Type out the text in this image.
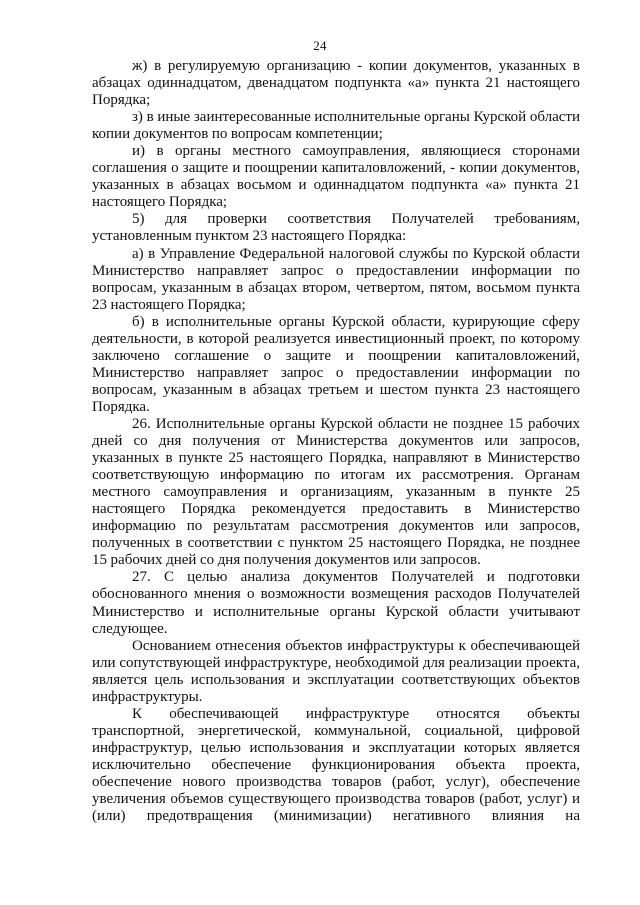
24

ж) в регулируемую организацию - копии документов, указанных в абзацах одиннадцатом, двенадцатом подпункта «а» пункта 21 настоящего Порядка;

з) в иные заинтересованные исполнительные органы Курской области копии документов по вопросам компетенции;

и) в органы местного самоуправления, являющиеся сторонами соглашения о защите и поощрении капиталовложений, - копии документов, указанных в абзацах восьмом и одиннадцатом подпункта «а» пункта 21 настоящего Порядка;

5) для проверки соответствия Получателей требованиям, установленным пунктом 23 настоящего Порядка:

а) в Управление Федеральной налоговой службы по Курской области Министерство направляет запрос о предоставлении информации по вопросам, указанным в абзацах втором, четвертом, пятом, восьмом пункта 23 настоящего Порядка;

б) в исполнительные органы Курской области, курирующие сферу деятельности, в которой реализуется инвестиционный проект, по которому заключено соглашение о защите и поощрении капиталовложений, Министерство направляет запрос о предоставлении информации по вопросам, указанным в абзацах третьем и шестом пункта 23 настоящего Порядка.

26. Исполнительные органы Курской области не позднее 15 рабочих дней со дня получения от Министерства документов или запросов, указанных в пункте 25 настоящего Порядка, направляют в Министерство соответствующую информацию по итогам их рассмотрения. Органам местного самоуправления и организациям, указанным в пункте 25 настоящего Порядка рекомендуется предоставить в Министерство информацию по результатам рассмотрения документов или запросов, полученных в соответствии с пунктом 25 настоящего Порядка, не позднее 15 рабочих дней со дня получения документов или запросов.

27. С целью анализа документов Получателей и подготовки обоснованного мнения о возможности возмещения расходов Получателей Министерство и исполнительные органы Курской области учитывают следующее.

Основанием отнесения объектов инфраструктуры к обеспечивающей или сопутствующей инфраструктуре, необходимой для реализации проекта, является цель использования и эксплуатации соответствующих объектов инфраструктуры.

К обеспечивающей инфраструктуре относятся объекты транспортной, энергетической, коммунальной, социальной, цифровой инфраструктур, целью использования и эксплуатации которых является исключительно обеспечение функционирования объекта проекта, обеспечение нового производства товаров (работ, услуг), обеспечение увеличения объемов существующего производства товаров (работ, услуг) и (или) предотвращения (минимизации) негативного влияния на
